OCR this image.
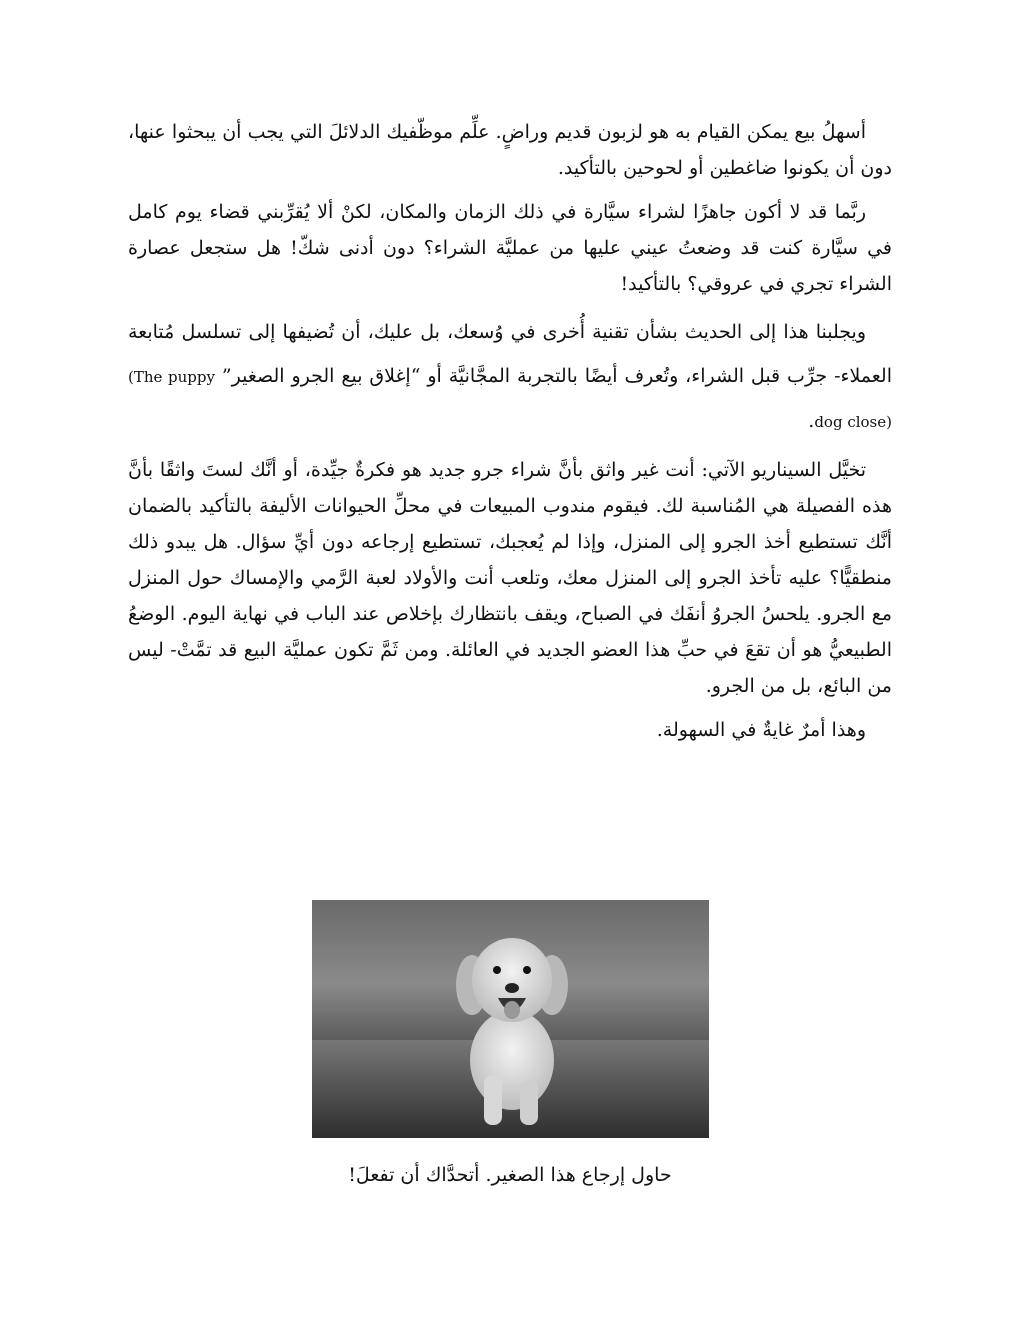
أسهلُ بيع يمكن القيام به هو لزبون قديم وراضٍ. علِّم موظّفيك الدلائلَ التي يجب أن يبحثوا عنها، دون أن يكونوا ضاغطين أو لحوحين بالتأكيد.

ربَّما قد لا أكون جاهزًا لشراء سيَّارة في ذلك الزمان والمكان، لكنْ ألا يُقرِّبني قضاء يوم كامل في سيَّارة كنت قد وضعتُ عيني عليها من عمليَّة الشراء؟ دون أدنى شكّ! هل ستجعل عصارة الشراء تجري في عروقي؟ بالتأكيد!

ويجلبنا هذا إلى الحديث بشأن تقنية أُخرى في وُسعك، بل عليك، أن تُضيفها إلى تسلسل مُتابعة العملاء- جرِّب قبل الشراء، وتُعرف أيضًا بالتجربة المجَّانيَّة أو “إغلاق بيع الجرو الصغير” (The puppy dog close).

تخيَّل السيناريو الآتي: أنت غير واثق بأنَّ شراء جرو جديد هو فكرةٌ جيِّدة، أو أنَّك لستَ واثقًا بأنَّ هذه الفصيلة هي المُناسبة لك. فيقوم مندوب المبيعات في محلِّ الحيوانات الأليفة بالتأكيد بالضمان أنَّك تستطيع أخذ الجرو إلى المنزل، وإذا لم يُعجبك، تستطيع إرجاعه دون أيِّ سؤال. هل يبدو ذلك منطقيًّا؟ عليه تأخذ الجرو إلى المنزل معك، وتلعب أنت والأولاد لعبة الرَّمي والإمساك حول المنزل مع الجرو. يلحسُ الجروُ أنفَك في الصباح، ويقف بانتظارك بإخلاص عند الباب في نهاية اليوم. الوضعُ الطبيعيُّ هو أن تقعَ في حبِّ هذا العضو الجديد في العائلة. ومن ثَمَّ تكون عمليَّة البيع قد تمَّتْ- ليس من البائع، بل من الجرو.

وهذا أمرٌ غايةٌ في السهولة.

حاول إرجاع هذا الصغير. أتحدَّاك أن تفعلَ!
